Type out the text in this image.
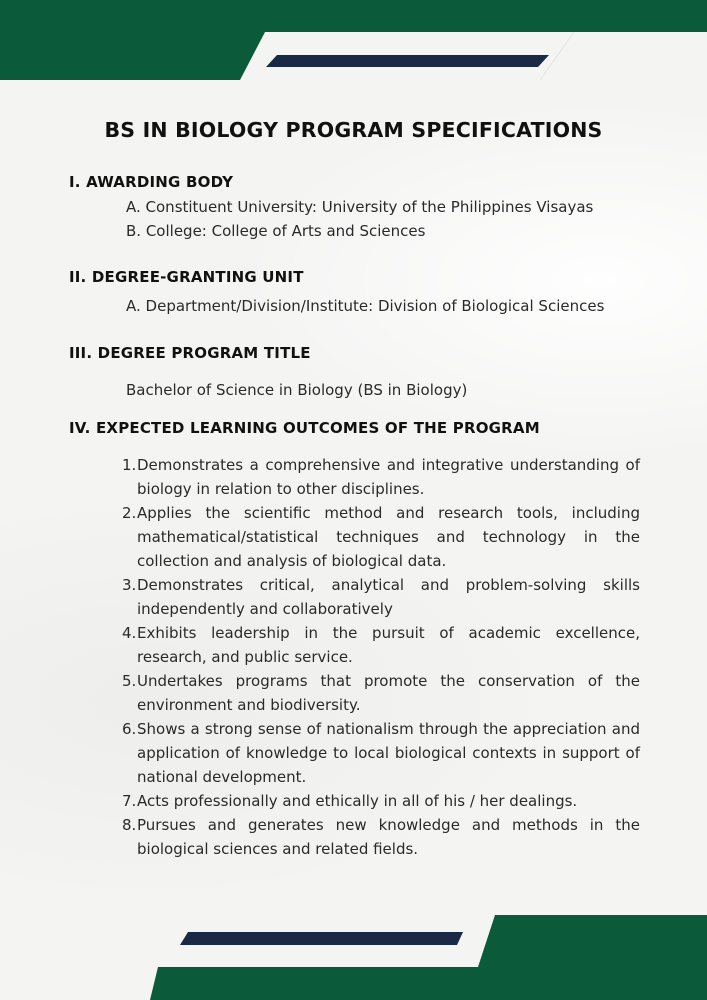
BS IN BIOLOGY PROGRAM SPECIFICATIONS
I. AWARDING BODY

A. Constituent University: University of the Philippines Visayas

B. College: College of Arts and Sciences

II. DEGREE-GRANTING UNIT

A. Department/Division/Institute: Division of Biological Sciences

III. DEGREE PROGRAM TITLE

Bachelor of Science in Biology (BS in Biology)

IV. EXPECTED LEARNING OUTCOMES OF THE PROGRAM
1. Demonstrates a comprehensive and integrative understanding of biology in relation to other disciplines.
2. Applies the scientific method and research tools, including mathematical/statistical techniques and technology in the collection and analysis of biological data.
3. Demonstrates critical, analytical and problem-solving skills independently and collaboratively
4. Exhibits leadership in the pursuit of academic excellence, research, and public service.
5. Undertakes programs that promote the conservation of the environment and biodiversity.
6. Shows a strong sense of nationalism through the appreciation and application of knowledge to local biological contexts in support of national development.
7. Acts professionally and ethically in all of his / her dealings.
8. Pursues and generates new knowledge and methods in the biological sciences and related fields.
